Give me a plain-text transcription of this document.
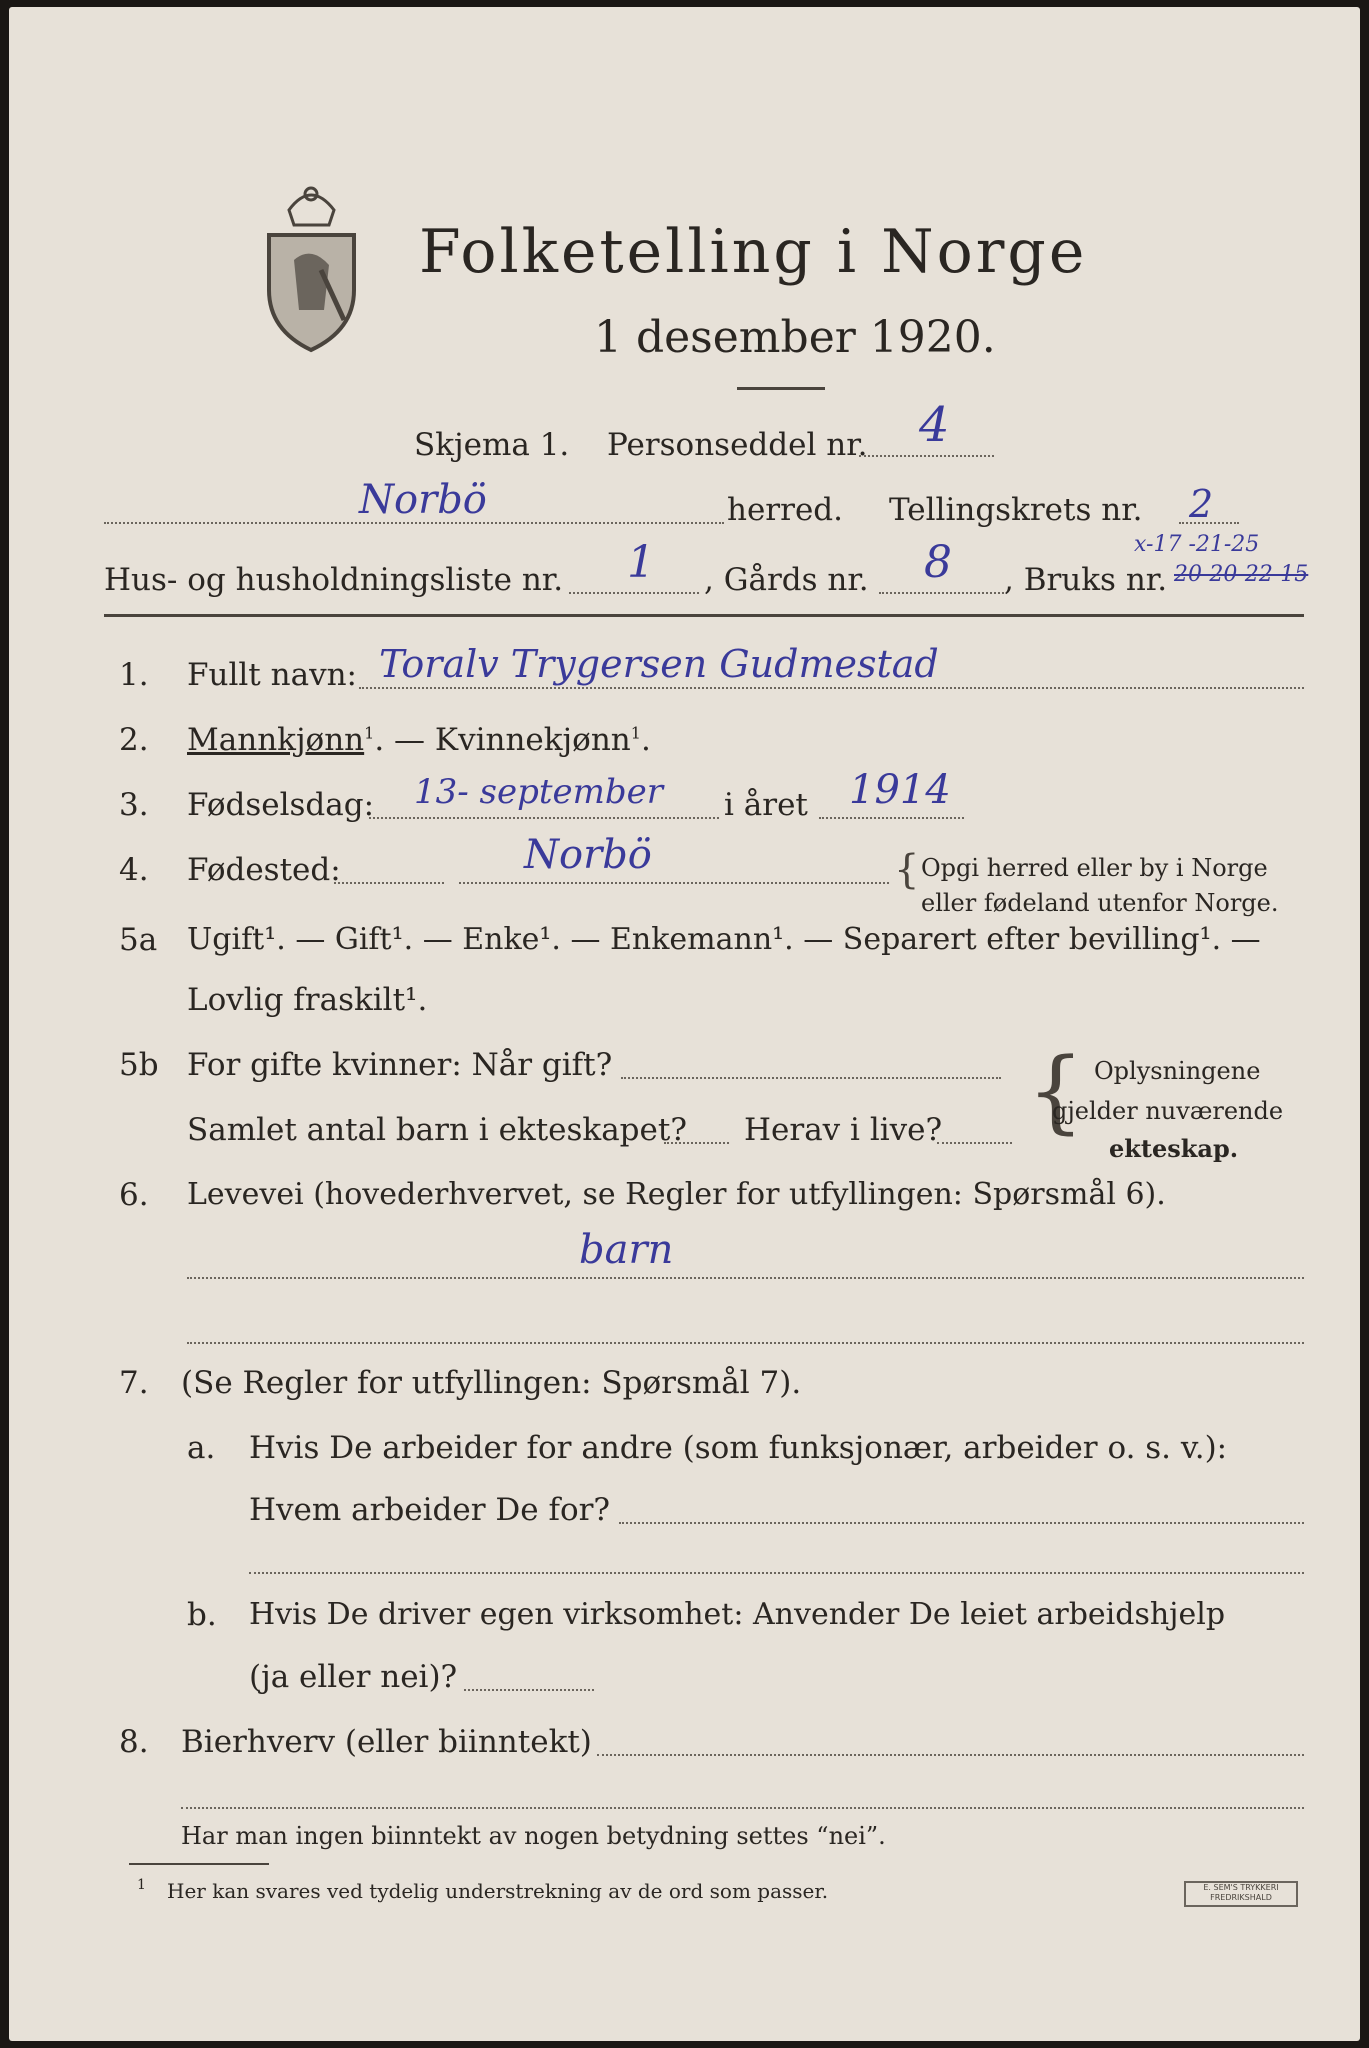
Folketelling i Norge
1 desember 1920.
Skjema 1. Personseddel nr. 4
Norbö	herred. Tellingskrets nr. 2
x-17 -21-25
Hus- og husholdningsliste nr. 1 , Gårds nr. 8 , Bruks nr. 20-20-22-15
1. Fullt navn: Toralv Trygersen Gudmestad
2. Mannkjønn$^1$. — Kvinnekjønn$^1$.
3. Fødselsdag: 13- september i året 1914
4. Fødested:	Norbö	{ Opgi herred eller by i Norge
eller fødeland utenfor Norge.
5a Ugift¹. — Gift¹. — Enke¹. — Enkemann¹. — Separert efter bevilling¹. —
Lovlig fraskilt¹.
5b For gifte kvinner: Når gift?
Samlet antal barn i ekteskapet? Herav i live? { Oplysningene
gjelder nuværende
ekteskap.
6. Levevei (hovederhvervet, se Regler for utfyllingen: Spørsmål 6).
barn
7. (Se Regler for utfyllingen: Spørsmål 7).
a. Hvis De arbeider for andre (som funksjonær, arbeider o. s. v.):
Hvem arbeider De for?
b. Hvis De driver egen virksomhet: Anvender De leiet arbeidshjelp
(ja eller nei)?
8. Bierhverv (eller biinntekt)
Har man ingen biinntekt av nogen betydning settes “nei”.
1 Her kan svares ved tydelig understrekning av de ord som passer.	E. SEM'S TRYKKERI
FREDRIKSHALD
